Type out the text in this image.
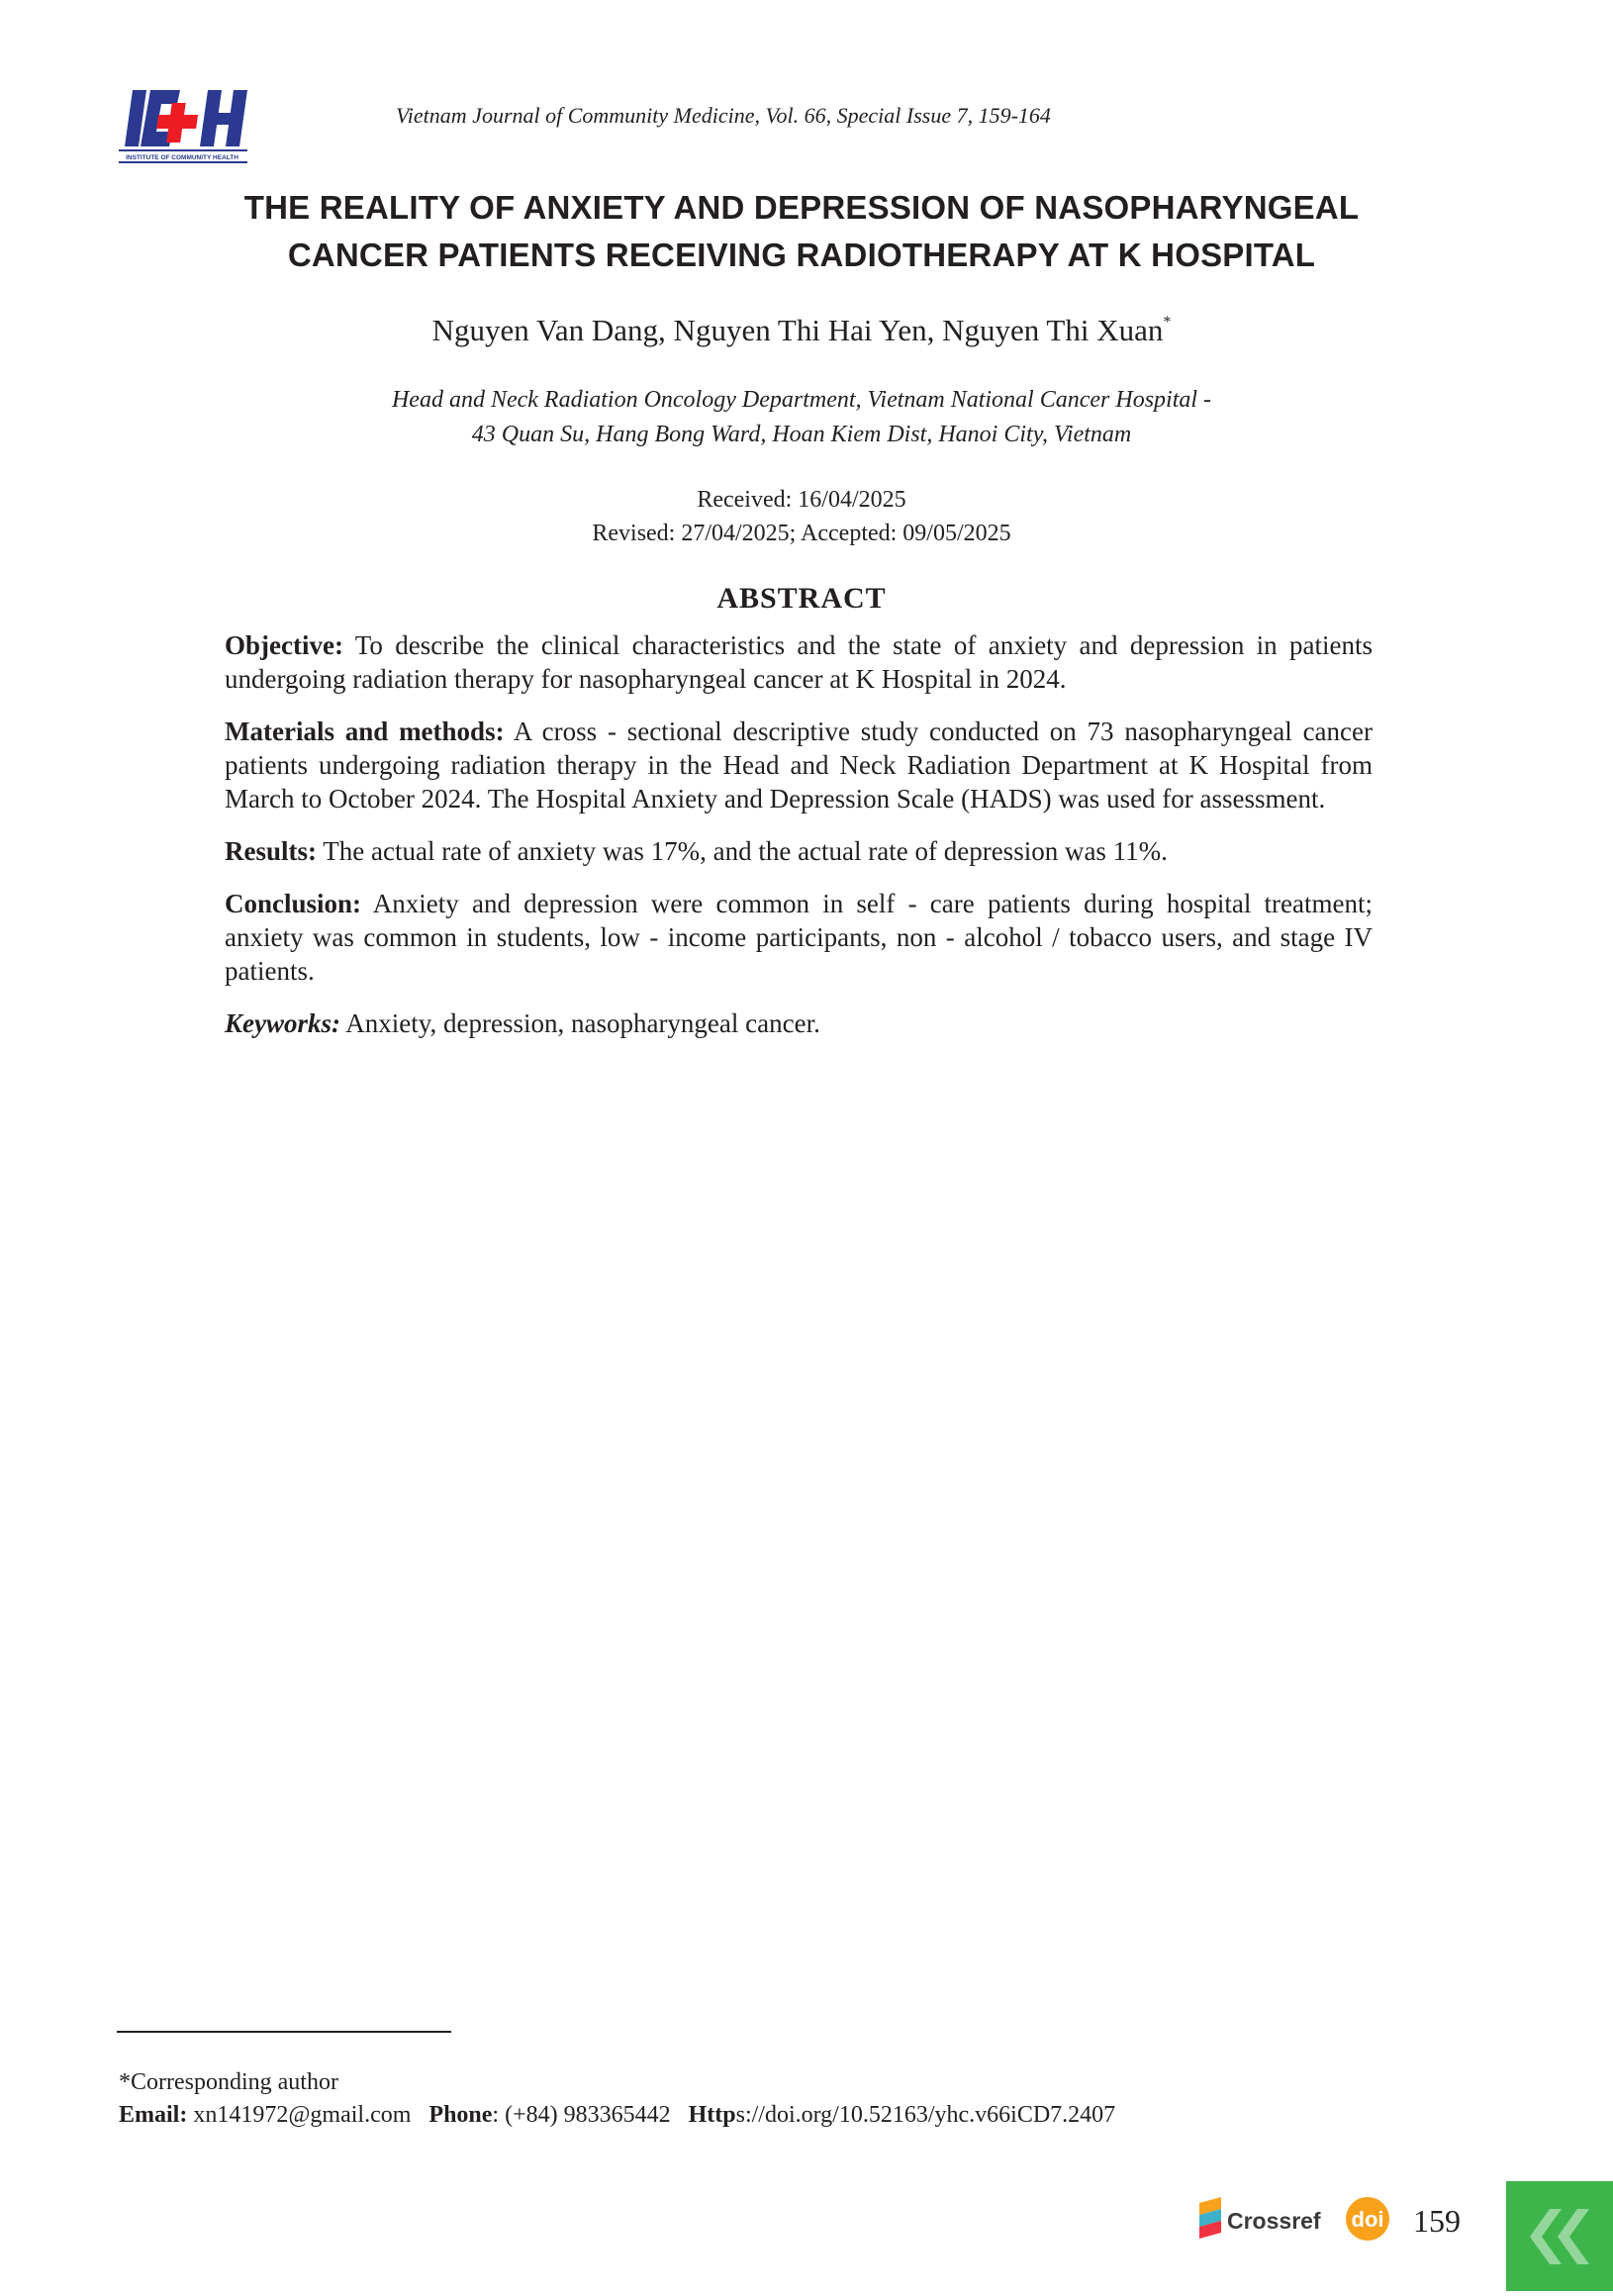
INSTITUTE OF COMMUNITY HEALTH
Vietnam Journal of Community Medicine, Vol. 66, Special Issue 7, 159-164
THE REALITY OF ANXIETY AND DEPRESSION OF NASOPHARYNGEAL
CANCER PATIENTS RECEIVING RADIOTHERAPY AT K HOSPITAL
Nguyen Van Dang, Nguyen Thi Hai Yen, Nguyen Thi Xuan*
Head and Neck Radiation Oncology Department, Vietnam National Cancer Hospital -
43 Quan Su, Hang Bong Ward, Hoan Kiem Dist, Hanoi City, Vietnam
Received: 16/04/2025
Revised: 27/04/2025; Accepted: 09/05/2025
ABSTRACT

Objective: To describe the clinical characteristics and the state of anxiety and depression in patients undergoing radiation therapy for nasopharyngeal cancer at K Hospital in 2024.

Materials and methods: A cross - sectional descriptive study conducted on 73 nasopharyngeal cancer patients undergoing radiation therapy in the Head and Neck Radiation Department at K Hospital from March to October 2024. The Hospital Anxiety and Depression Scale (HADS) was used for assessment.

Results: The actual rate of anxiety was 17%, and the actual rate of depression was 11%.

Conclusion: Anxiety and depression were common in self - care patients during hospital treatment; anxiety was common in students, low - income participants, non - alcohol / tobacco users, and stage IV patients.

Keyworks: Anxiety, depression, nasopharyngeal cancer.

*Corresponding author
Email: xn141972@gmail.com Phone: (+84) 983365442 Https://doi.org/10.52163/yhc.v66iCD7.2407
Crossref doi 159
